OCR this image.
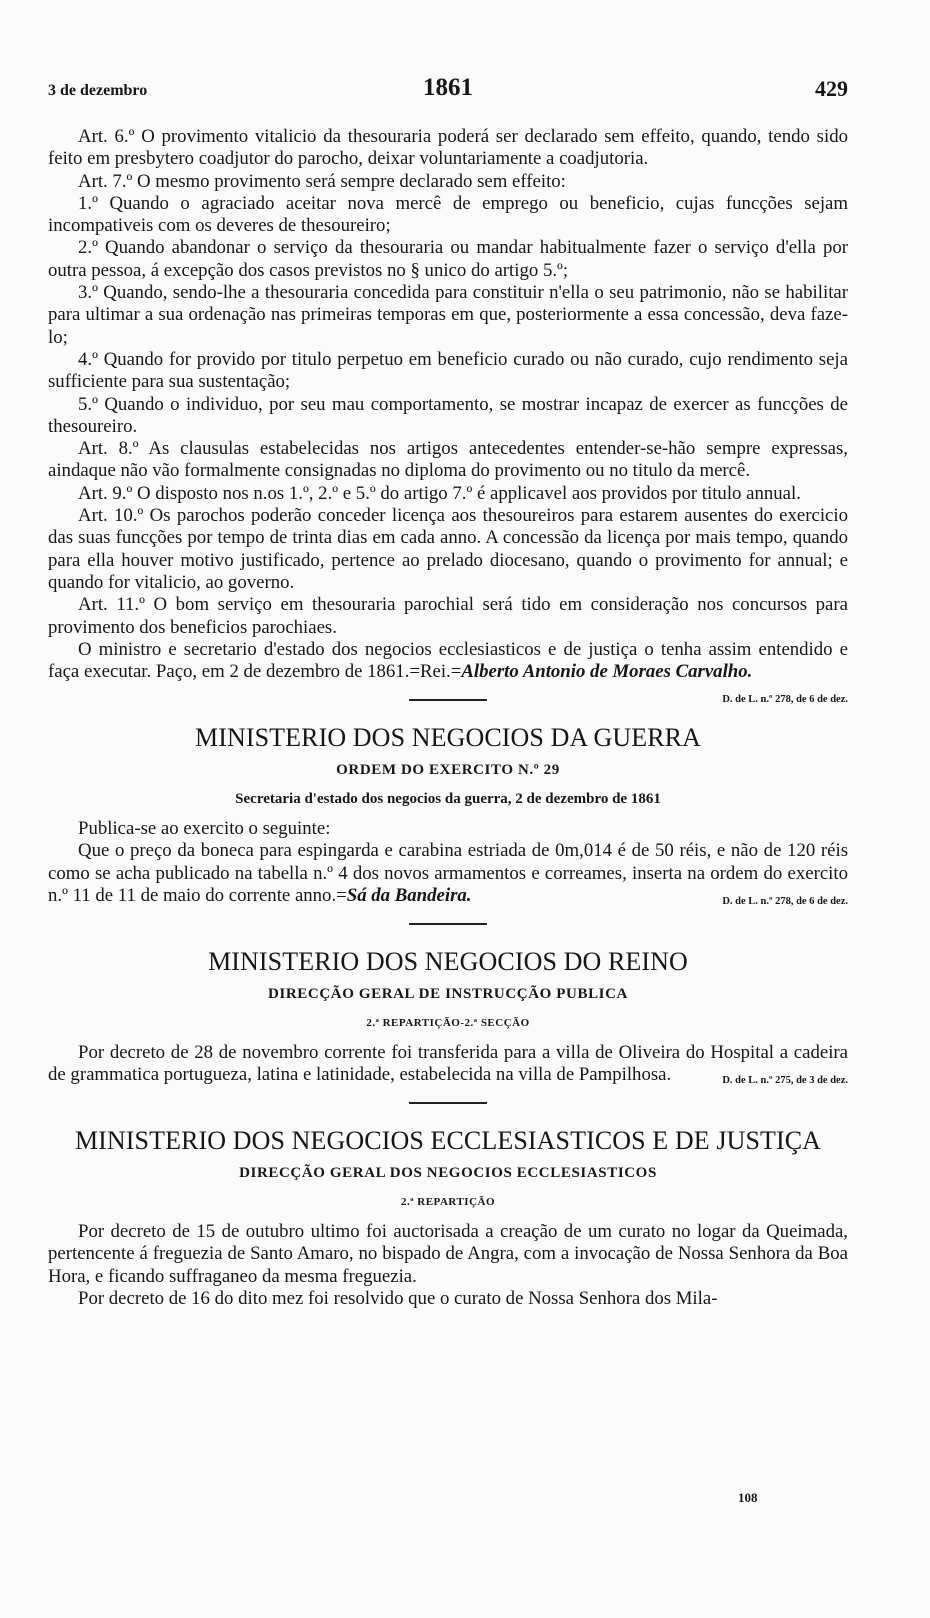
3 de dezembro	1861	429

Art. 6.º O provimento vitalicio da thesouraria poderá ser declarado sem effeito, quando, tendo sido feito em presbytero coadjutor do parocho, deixar voluntariamente a coadjutoria.

Art. 7.º O mesmo provimento será sempre declarado sem effeito:

1.º Quando o agraciado aceitar nova mercê de emprego ou beneficio, cujas funcções sejam incompativeis com os deveres de thesoureiro;

2.º Quando abandonar o serviço da thesouraria ou mandar habitualmente fazer o serviço d'ella por outra pessoa, á excepção dos casos previstos no § unico do artigo 5.º;

3.º Quando, sendo-lhe a thesouraria concedida para constituir n'ella o seu patrimonio, não se habilitar para ultimar a sua ordenação nas primeiras temporas em que, posteriormente a essa concessão, deva faze-lo;

4.º Quando for provido por titulo perpetuo em beneficio curado ou não curado, cujo rendimento seja sufficiente para sua sustentação;

5.º Quando o individuo, por seu mau comportamento, se mostrar incapaz de exercer as funcções de thesoureiro.

Art. 8.º As clausulas estabelecidas nos artigos antecedentes entender-se-hão sempre expressas, aindaque não vão formalmente consignadas no diploma do provimento ou no titulo da mercê.

Art. 9.º O disposto nos n.os 1.º, 2.º e 5.º do artigo 7.º é applicavel aos providos por titulo annual.

Art. 10.º Os parochos poderão conceder licença aos thesoureiros para estarem ausentes do exercicio das suas funcções por tempo de trinta dias em cada anno. A concessão da licença por mais tempo, quando para ella houver motivo justificado, pertence ao prelado diocesano, quando o provimento for annual; e quando for vitalicio, ao governo.

Art. 11.º O bom serviço em thesouraria parochial será tido em consideração nos concursos para provimento dos beneficios parochiaes.

O ministro e secretario d'estado dos negocios ecclesiasticos e de justiça o tenha assim entendido e faça executar. Paço, em 2 de dezembro de 1861.=Rei.=Alberto Antonio de Moraes Carvalho.
D. de L. n.º 278, de 6 de dez.

MINISTERIO DOS NEGOCIOS DA GUERRA
ORDEM DO EXERCITO N.º 29
Secretaria d'estado dos negocios da guerra, 2 de dezembro de 1861

Publica-se ao exercito o seguinte:

Que o preço da boneca para espingarda e carabina estriada de 0m,014 é de 50 réis, e não de 120 réis como se acha publicado na tabella n.º 4 dos novos armamentos e correames, inserta na ordem do exercito n.º 11 de 11 de maio do corrente anno.=Sá da Bandeira.	D. de L. n.º 278, de 6 de dez.

MINISTERIO DOS NEGOCIOS DO REINO
DIRECÇÃO GERAL DE INSTRUCÇÃO PUBLICA
2.ª REPARTIÇÃO-2.ª SECÇÃO

Por decreto de 28 de novembro corrente foi transferida para a villa de Oliveira do Hospital a cadeira de grammatica portugueza, latina e latinidade, estabelecida na villa de Pampilhosa.	D. de L. n.º 275, de 3 de dez.

MINISTERIO DOS NEGOCIOS ECCLESIASTICOS E DE JUSTIÇA
DIRECÇÃO GERAL DOS NEGOCIOS ECCLESIASTICOS
2.ª REPARTIÇÃO

Por decreto de 15 de outubro ultimo foi auctorisada a creação de um curato no logar da Queimada, pertencente á freguezia de Santo Amaro, no bispado de Angra, com a invocação de Nossa Senhora da Boa Hora, e ficando suffraganeo da mesma freguezia.

Por decreto de 16 do dito mez foi resolvido que o curato de Nossa Senhora dos Mila-

108
